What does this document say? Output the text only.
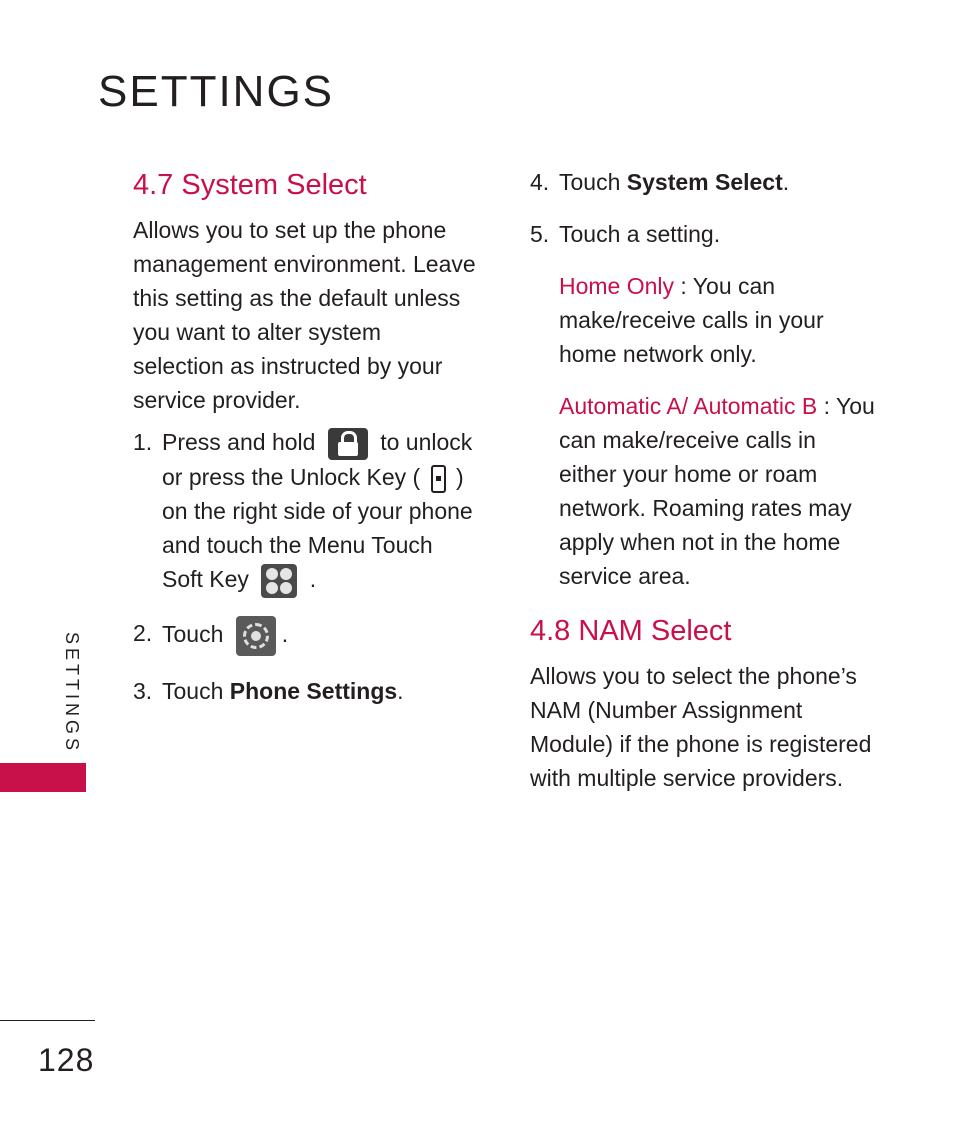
SETTINGS
4.7 System Select

Allows you to set up the phone management environment. Leave this setting as the default unless you want to alter system selection as instructed by your service provider.

1. Press and hold	to unlock or press the Unlock Key ( ) on the right side of your phone and touch the Menu Touch Soft Key	.
2. Touch	.
3. Touch Phone Settings.
4. Touch System Select.
5. Touch a setting.
Home Only : You can make/receive calls in your home network only.
Automatic A/ Automatic B : You can make/receive calls in either your home or roam network. Roaming rates may apply when not in the home service area.
4.8 NAM Select

Allows you to select the phone’s NAM (Number Assignment Module) if the phone is registered with multiple service providers.

SETTINGS
128
